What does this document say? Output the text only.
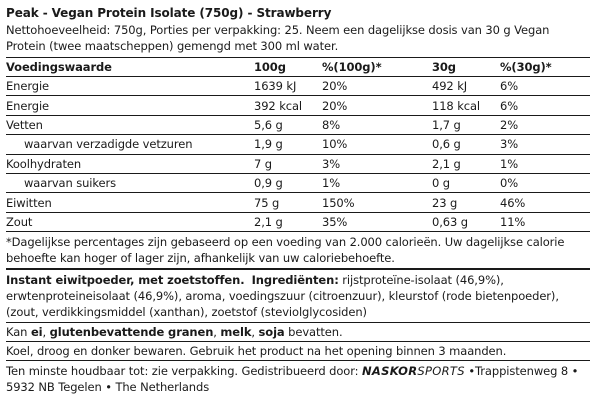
Peak - Vegan Protein Isolate (750g) - Strawberry
Nettohoeveelheid: 750g, Porties per verpakking: 25. Neem een dagelijkse dosis van 30 g Vegan Protein (twee maatscheppen) gemengd met 300 ml water.
Voedingswaarde	100g	%(100g)*	30g	%(30g)*
Energie	1639 kJ	20%	492 kJ	6%
Energie	392 kcal	20%	118 kcal	6%
Vetten	5,6 g	8%	1,7 g	2%
waarvan verzadigde vetzuren	1,9 g	10%	0,6 g	3%
Koolhydraten	7 g	3%	2,1 g	1%
waarvan suikers	0,9 g	1%	0 g	0%
Eiwitten	75 g	150%	23 g	46%
Zout	2,1 g	35%	0,63 g	11%
*Dagelijkse percentages zijn gebaseerd op een voeding van 2.000 calorieën. Uw dagelijkse calorie behoefte kan hoger of lager zijn, afhankelijk van uw caloriebehoefte.
Instant eiwitpoeder, met zoetstoffen. Ingrediënten: rijstproteïne-isolaat (46,9%), erwtenproteineisolaat (46,9%), aroma, voedingszuur (citroenzuur), kleurstof (rode bietenpoeder), (zout, verdikkingsmiddel (xanthan), zoetstof (steviolglycosiden)
Kan ei, glutenbevattende granen, melk, soja bevatten.
Koel, droog en donker bewaren. Gebruik het product na het opening binnen 3 maanden.
Ten minste houdbaar tot: zie verpakking. Gedistribueerd door: NASKORSPORTS •Trappistenweg 8 • 5932 NB Tegelen • The Netherlands
